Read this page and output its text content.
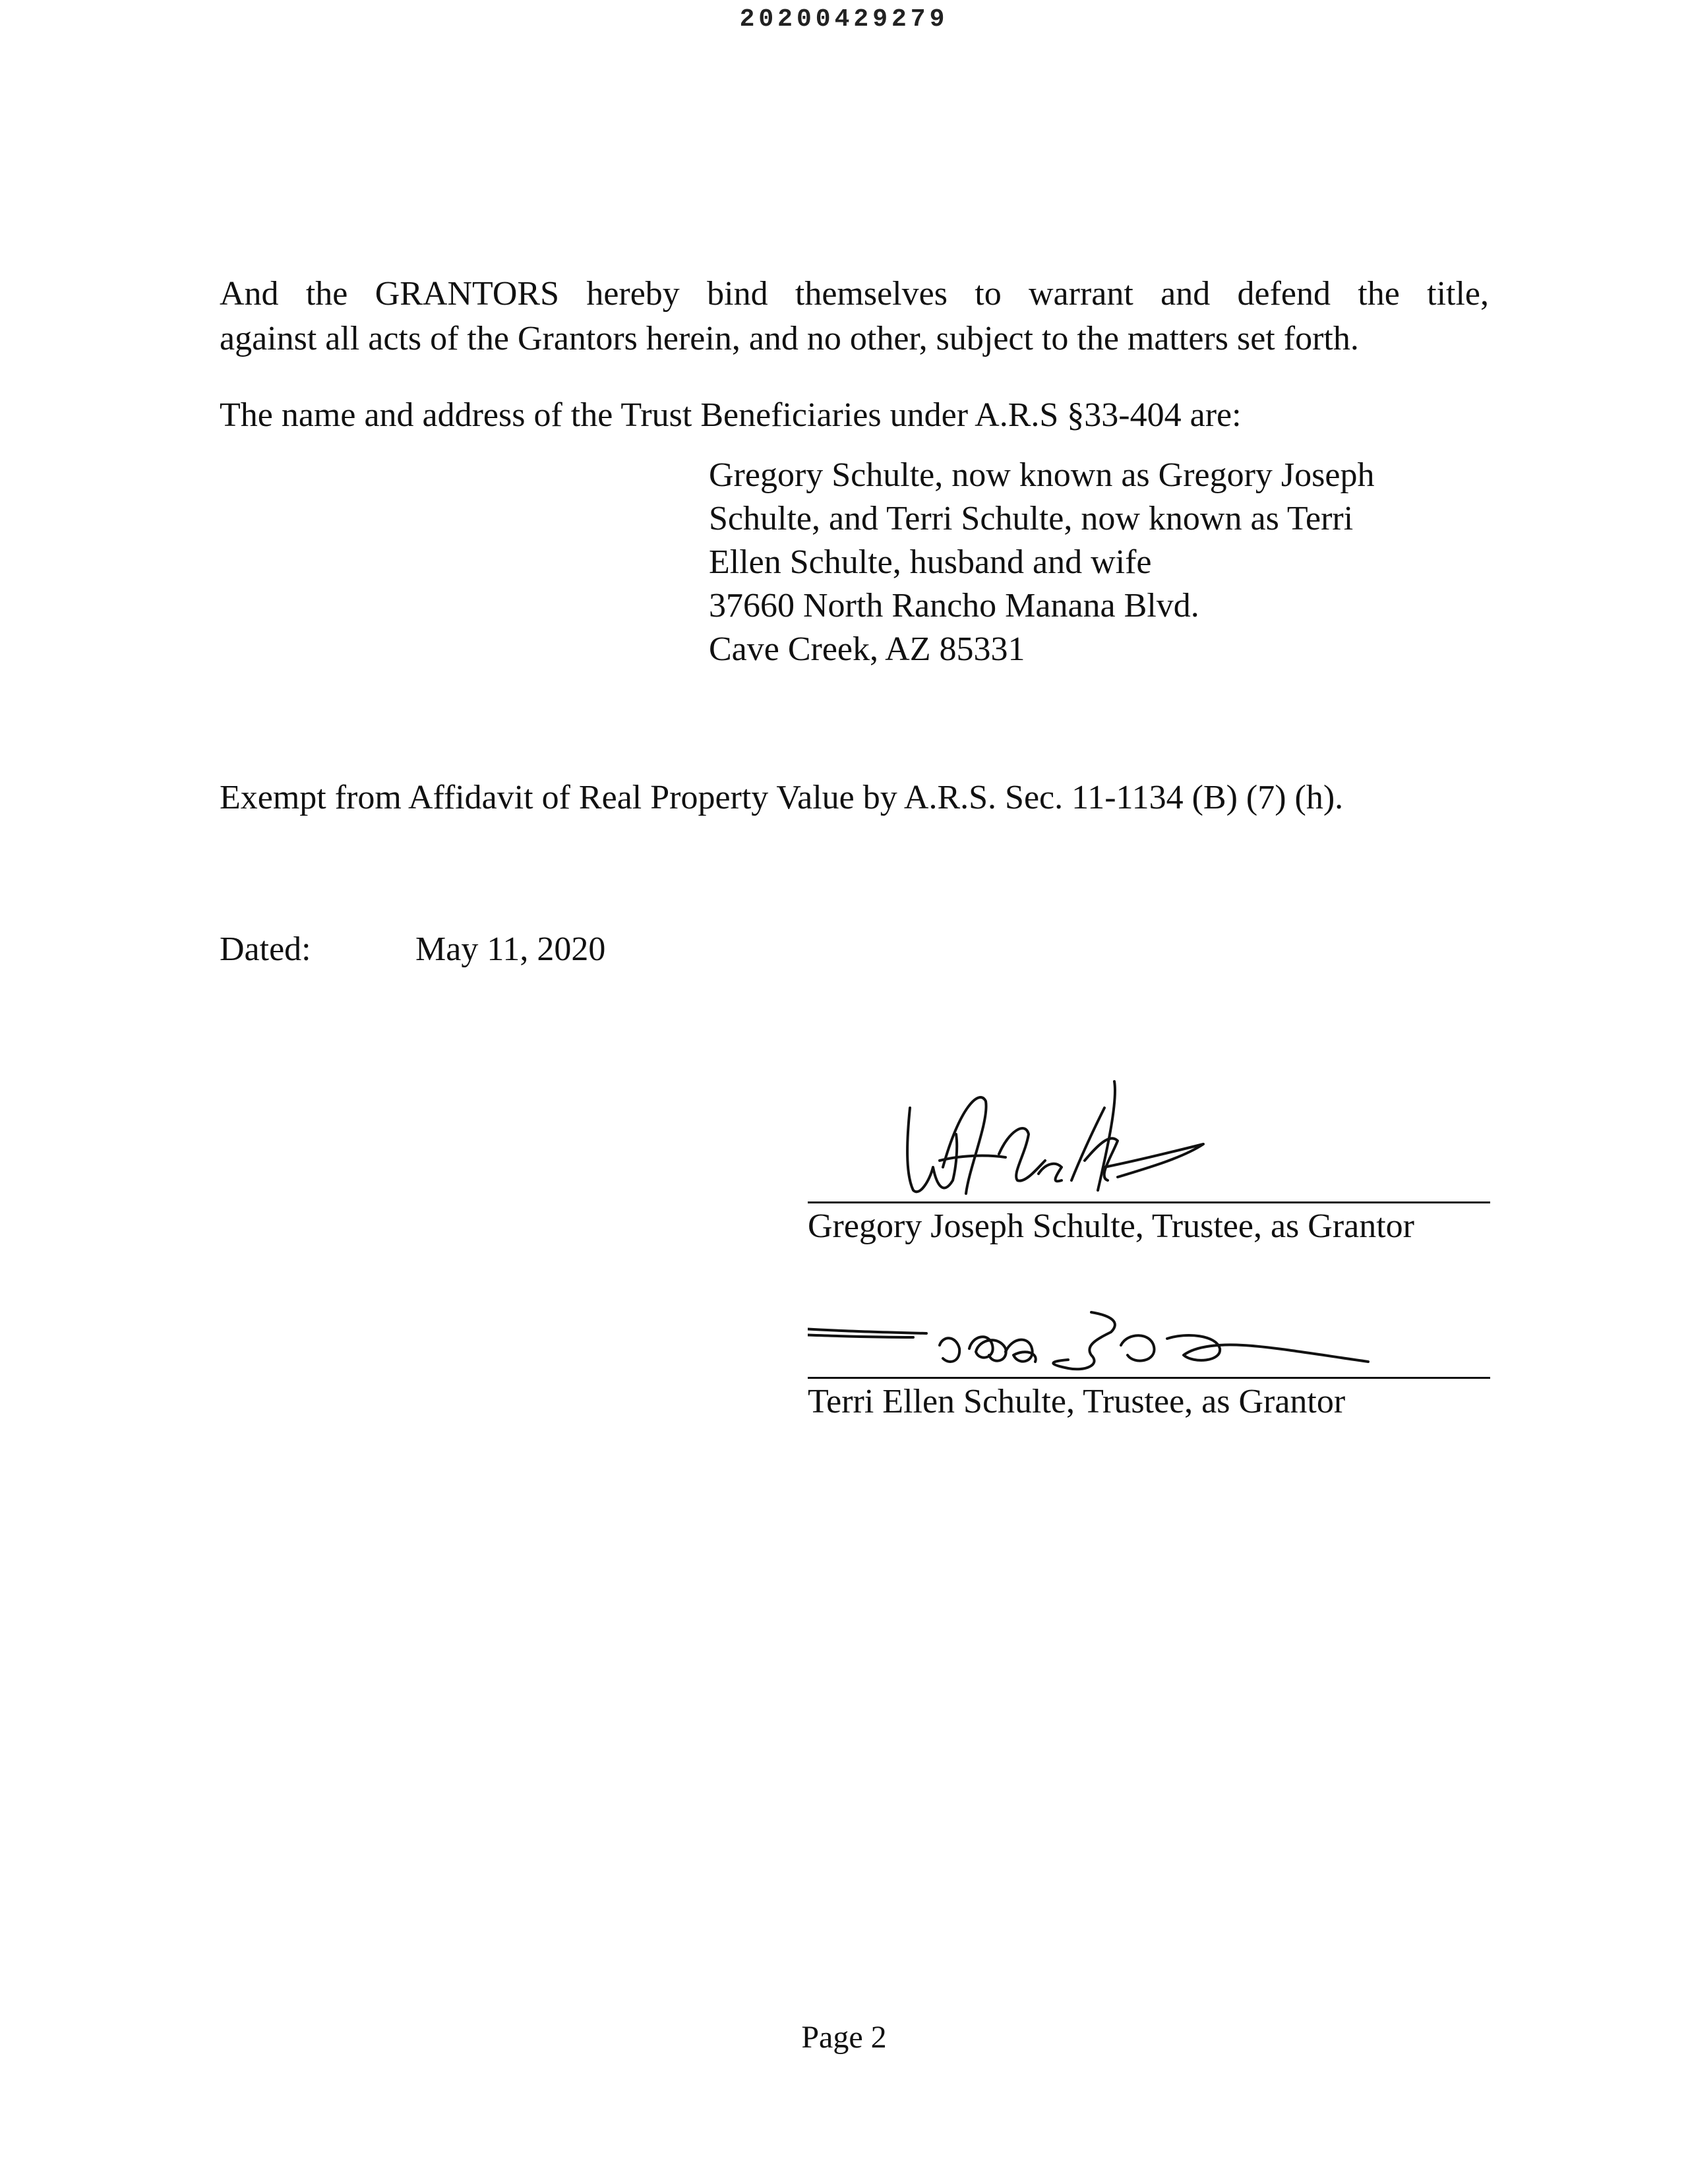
20200429279

And the GRANTORS hereby bind themselves to warrant and defend the title,
against all acts of the Grantors herein, and no other, subject to the matters set forth.

The name and address of the Trust Beneficiaries under A.R.S §33-404 are:

Gregory Schulte, now known as Gregory Joseph
Schulte, and Terri Schulte, now known as Terri
Ellen Schulte, husband and wife
37660 North Rancho Manana Blvd.
Cave Creek, AZ 85331

Exempt from Affidavit of Real Property Value by A.R.S. Sec. 11-1134 (B) (7) (h).

Dated:	May 11, 2020
Gregory Joseph Schulte, Trustee, as Grantor
Terri Ellen Schulte, Trustee, as Grantor
Page 2
